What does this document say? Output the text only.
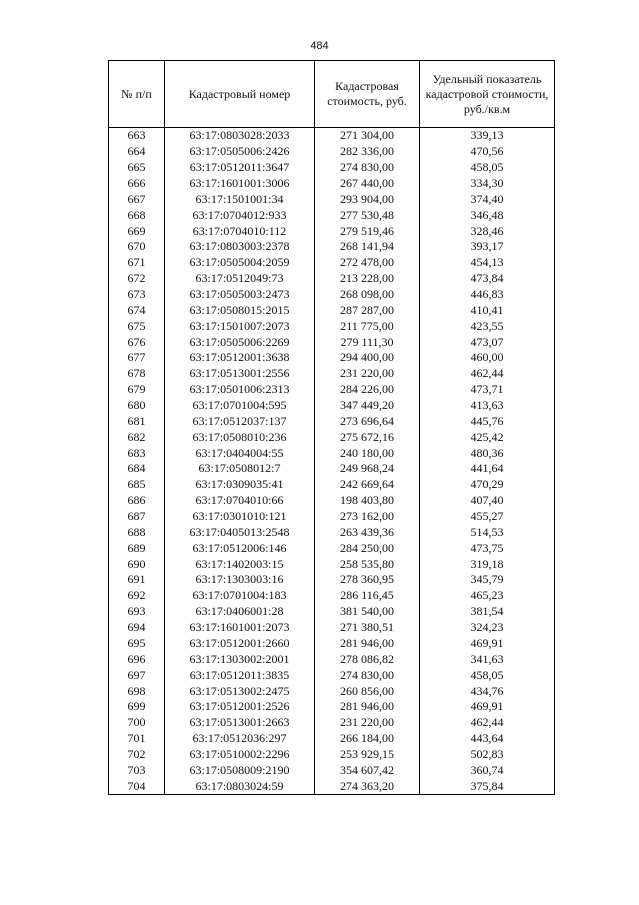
484
№ п/п	Кадастровый номер	Кадастровая стоимость, руб.	Удельный показатель кадастровой стоимости, руб./кв.м
663	63:17:0803028:2033	271 304,00	339,13
664	63:17:0505006:2426	282 336,00	470,56
665	63:17:0512011:3647	274 830,00	458,05
666	63:17:1601001:3006	267 440,00	334,30
667	63:17:1501001:34	293 904,00	374,40
668	63:17:0704012:933	277 530,48	346,48
669	63:17:0704010:112	279 519,46	328,46
670	63:17:0803003:2378	268 141,94	393,17
671	63:17:0505004:2059	272 478,00	454,13
672	63:17:0512049:73	213 228,00	473,84
673	63:17:0505003:2473	268 098,00	446,83
674	63:17:0508015:2015	287 287,00	410,41
675	63:17:1501007:2073	211 775,00	423,55
676	63:17:0505006:2269	279 111,30	473,07
677	63:17:0512001:3638	294 400,00	460,00
678	63:17:0513001:2556	231 220,00	462,44
679	63:17:0501006:2313	284 226,00	473,71
680	63:17:0701004:595	347 449,20	413,63
681	63:17:0512037:137	273 696,64	445,76
682	63:17:0508010:236	275 672,16	425,42
683	63:17:0404004:55	240 180,00	480,36
684	63:17:0508012:7	249 968,24	441,64
685	63:17:0309035:41	242 669,64	470,29
686	63:17:0704010:66	198 403,80	407,40
687	63:17:0301010:121	273 162,00	455,27
688	63:17:0405013:2548	263 439,36	514,53
689	63:17:0512006:146	284 250,00	473,75
690	63:17:1402003:15	258 535,80	319,18
691	63:17:1303003:16	278 360,95	345,79
692	63:17:0701004:183	286 116,45	465,23
693	63:17:0406001:28	381 540,00	381,54
694	63:17:1601001:2073	271 380,51	324,23
695	63:17:0512001:2660	281 946,00	469,91
696	63:17:1303002:2001	278 086,82	341,63
697	63:17:0512011:3835	274 830,00	458,05
698	63:17:0513002:2475	260 856,00	434,76
699	63:17:0512001:2526	281 946,00	469,91
700	63:17:0513001:2663	231 220,00	462,44
701	63:17:0512036:297	266 184,00	443,64
702	63:17:0510002:2296	253 929,15	502,83
703	63:17:0508009:2190	354 607,42	360,74
704	63:17:0803024:59	274 363,20	375,84
